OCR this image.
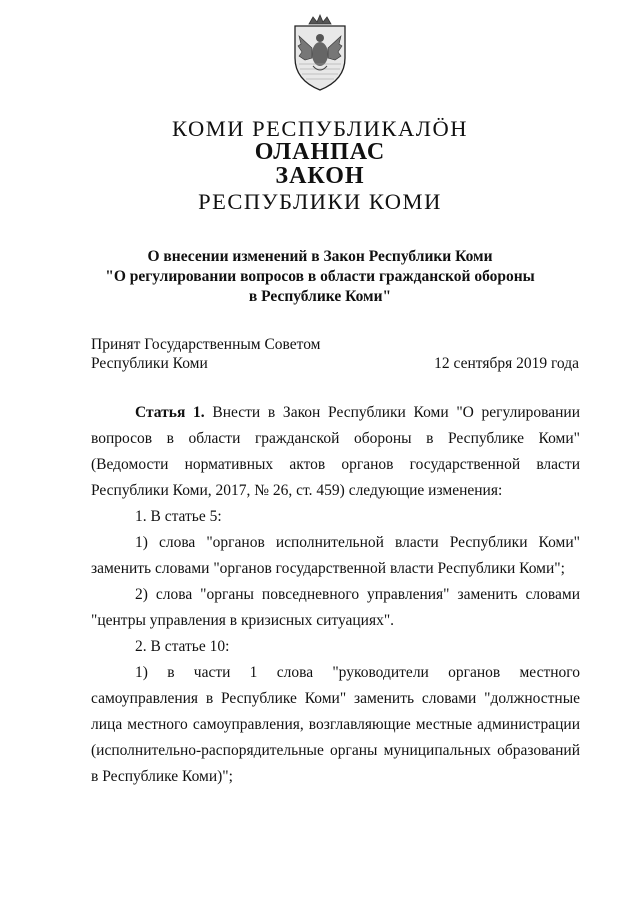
КОМИ РЕСПУБЛИКАЛÖН
ОЛАНПАС
ЗАКОН
РЕСПУБЛИКИ КОМИ
О внесении изменений в Закон Республики Коми
"О регулировании вопросов в области гражданской обороны
в Республике Коми"
Принят Государственным Советом
Республики Коми	12 сентября 2019 года

Статья 1. Внести в Закон Республики Коми "О регулировании вопросов в области гражданской обороны в Республике Коми" (Ведомости нормативных актов органов государственной власти Республики Коми, 2017, № 26, ст. 459) следующие изменения:

1. В статье 5:

1) слова "органов исполнительной власти Республики Коми" заменить словами "органов государственной власти Республики Коми";

2) слова "органы повседневного управления" заменить словами "центры управления в кризисных ситуациях".

2. В статье 10:

1) в части 1 слова "руководители органов местного самоуправления в Республике Коми" заменить словами "должностные лица местного самоуправления, возглавляющие местные администрации (исполнительно-распорядительные органы муниципальных образований в Республике Коми)";
